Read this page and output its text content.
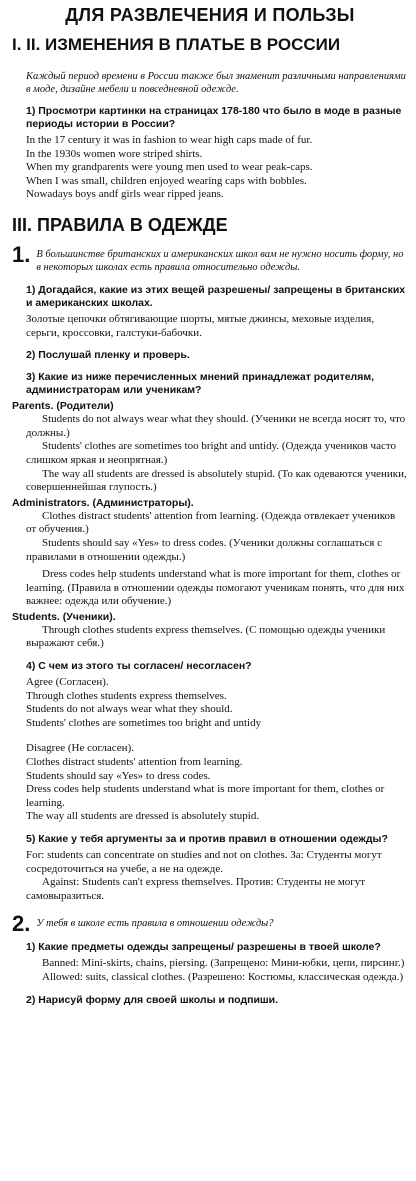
ДЛЯ РАЗВЛЕЧЕНИЯ И ПОЛЬЗЫ
I. II. ИЗМЕНЕНИЯ В ПЛАТЬЕ В РОССИИ

Каждый период времени в России также был знаменит различными направлениями в моде, дизайне мебели и повседневной одежде.

1) Просмотри картинки на страницах 178-180 что было в моде в разные периоды истории в России?

In the 17 century it was in fashion to wear high caps made of fur.

In the 1930s women wore striped shirts.

When my grandparents were young men used to wear peak-caps.

When I was small, children enjoyed wearing caps with bobbles.

Nowadays boys andf girls wear ripped jeans.

III. ПРАВИЛА В ОДЕЖДЕ
1. В большинстве британских и американских школ вам не нужно носить форму, но в некоторых школах есть правила относительно одежды.

1) Догадайся, какие из этих вещей разрешены/ запрещены в британских и американских школах.

Золотые цепочки обтягивающие шорты, мятые джинсы, меховые изделия, серьги, кроссовки, галстуки-бабочки.

2) Послушай пленку и проверь.

3) Какие из ниже перечисленных мнений принадлежат родителям, администраторам или ученикам?

Parents. (Родители)

Students do not always wear what they should. (Ученики не всегда носят то, что должны.)

Students' clothes are sometimes too bright and untidy. (Одежда учеников часто слишком яркая и неопрятная.)

The way all students are dressed is absolutely stupid. (То как одеваются ученики, совершеннейшая глупость.)

Administrators. (Администраторы).

Clothes distract students' attention from learning. (Одежда отвлекает учеников от обучения.)

Students should say «Yes» to dress codes. (Ученики должны соглашаться с правилами в отношении одежды.)

Dress codes help students understand what is more important for them, clothes or learning. (Правила в отношении одежды помогают ученикам понять, что для них важнее: одежда или обучение.)

Students. (Ученики).

Through clothes students express themselves. (С помощью одежды ученики выражают себя.)

4) С чем из этого ты согласен/ несогласен?

Agree (Согласен).

Through clothes students express themselves.

Students do not always wear what they should.

Students' clothes are sometimes too bright and untidy

Disagree (Не согласен).

Clothes distract students' attention from learning.

Students should say «Yes» to dress codes.

Dress codes help students understand what is more important for them, clothes or learning.

The way all students are dressed is absolutely stupid.

5) Какие у тебя аргументы за и против правил в отношении одежды?

For: students can concentrate on studies and not on clothes. За: Студенты могут сосредоточиться на учебе, а не на одежде.

Against: Students can't express themselves. Против: Студенты не могут самовыразиться.

2. У тебя в школе есть правила в отношении одежды?

1) Какие предметы одежды запрещены/ разрешены в твоей школе?

Banned: Mini-skirts, chains, piersing. (Запрещено: Мини-юбки, цепи, пирсинг.)

Allowed: suits, classical clothes. (Разрешено: Костюмы, классическая одежда.)

2) Нарисуй форму для своей школы и подпиши.
